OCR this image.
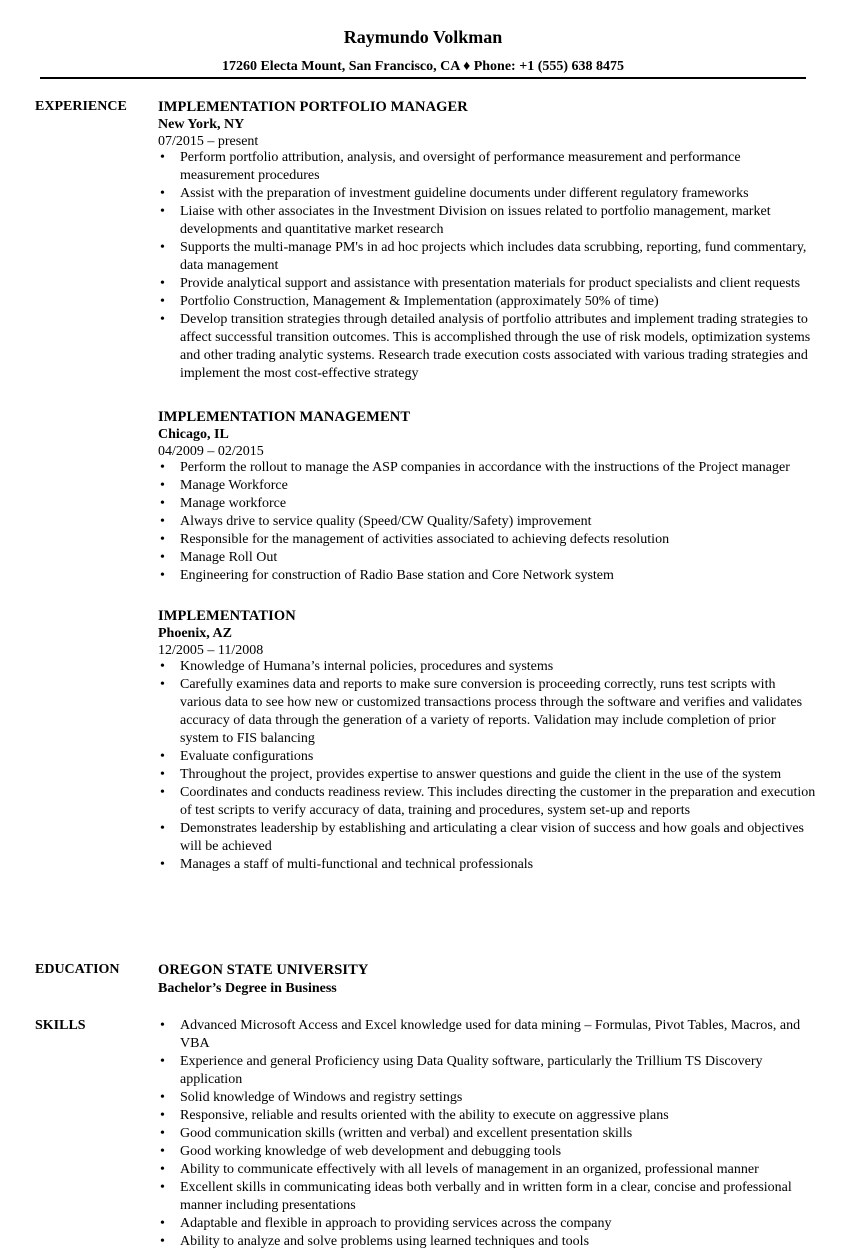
Raymundo Volkman
17260 Electa Mount, San Francisco, CA ♦ Phone: +1 (555) 638 8475
EXPERIENCE IMPLEMENTATION PORTFOLIO MANAGER
New York, NY
07/2015 – present
• Perform portfolio attribution, analysis, and oversight of performance measurement and performance measurement procedures
• Assist with the preparation of investment guideline documents under different regulatory frameworks
• Liaise with other associates in the Investment Division on issues related to portfolio management, market developments and quantitative market research
• Supports the multi-manage PM's in ad hoc projects which includes data scrubbing, reporting, fund commentary, data management
• Provide analytical support and assistance with presentation materials for product specialists and client requests
• Portfolio Construction, Management & Implementation (approximately 50% of time)
• Develop transition strategies through detailed analysis of portfolio attributes and implement trading strategies to affect successful transition outcomes. This is accomplished through the use of risk models, optimization systems and other trading analytic systems. Research trade execution costs associated with various trading strategies and implement the most cost-effective strategy
IMPLEMENTATION MANAGEMENT
Chicago, IL
04/2009 – 02/2015
• Perform the rollout to manage the ASP companies in accordance with the instructions of the Project manager
• Manage Workforce
• Manage workforce
• Always drive to service quality (Speed/CW Quality/Safety) improvement
• Responsible for the management of activities associated to achieving defects resolution
• Manage Roll Out
• Engineering for construction of Radio Base station and Core Network system
IMPLEMENTATION
Phoenix, AZ
12/2005 – 11/2008
• Knowledge of Humana’s internal policies, procedures and systems
• Carefully examines data and reports to make sure conversion is proceeding correctly, runs test scripts with various data to see how new or customized transactions process through the software and verifies and validates accuracy of data through the generation of a variety of reports. Validation may include completion of prior system to FIS balancing
• Evaluate configurations
• Throughout the project, provides expertise to answer questions and guide the client in the use of the system
• Coordinates and conducts readiness review. This includes directing the customer in the preparation and execution of test scripts to verify accuracy of data, training and procedures, system set-up and reports
• Demonstrates leadership by establishing and articulating a clear vision of success and how goals and objectives will be achieved
• Manages a staff of multi-functional and technical professionals
EDUCATION	OREGON STATE UNIVERSITY
Bachelor’s Degree in Business
SKILLS
•	Advanced Microsoft Access and Excel knowledge used for data mining – Formulas, Pivot Tables, Macros, and VBA
• Experience and general Proficiency using Data Quality software, particularly the Trillium TS Discovery application
• Solid knowledge of Windows and registry settings
• Responsive, reliable and results oriented with the ability to execute on aggressive plans
• Good communication skills (written and verbal) and excellent presentation skills
• Good working knowledge of web development and debugging tools
• Ability to communicate effectively with all levels of management in an organized, professional manner
• Excellent skills in communicating ideas both verbally and in written form in a clear, concise and professional manner including presentations
• Adaptable and flexible in approach to providing services across the company
• Ability to analyze and solve problems using learned techniques and tools
